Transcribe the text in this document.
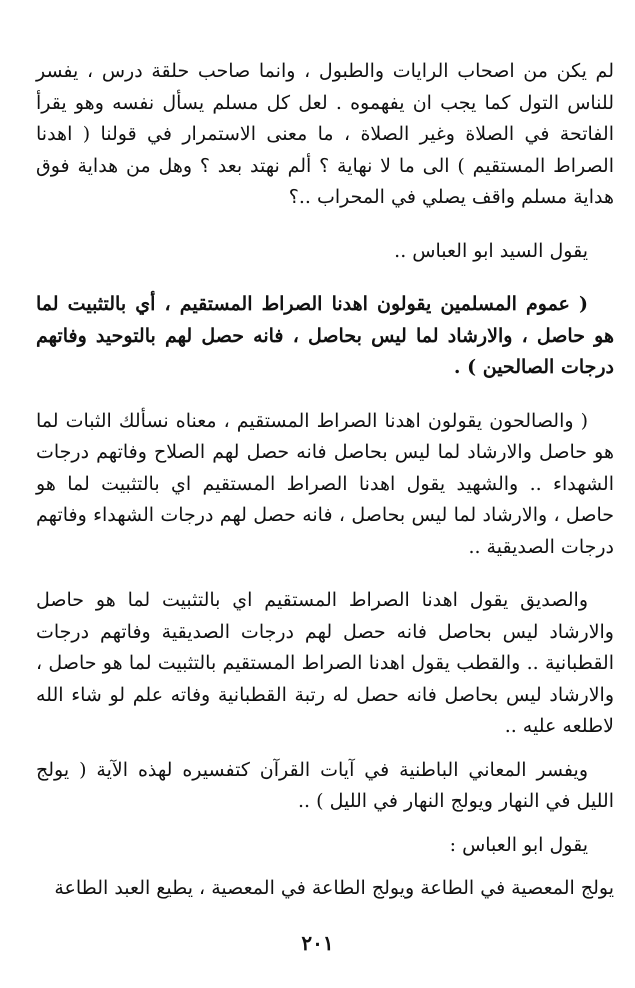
لم يكن من اصحاب الرايات والطبول ، وانما صاحب حلقة درس ، يفسر للناس التول كما يجب ان يفهموه . لعل كل مسلم يسأل نفسه وهو يقرأ الفاتحة في الصلاة وغير الصلاة ، ما معنى الاستمرار في قولنا ( اهدنا الصراط المستقيم ) الى ما لا نهاية ؟ ألم نهتد بعد ؟ وهل من هداية فوق هداية مسلم واقف يصلي في المحراب ..؟

يقول السيد ابو العباس ..

( عموم المسلمين يقولون اهدنا الصراط المستقيم ، أي بالتثبيت لما هو حاصل ، والارشاد لما ليس بحاصل ، فانه حصل لهم بالتوحيد وفاتهم درجات الصالحين ) .

( والصالحون يقولون اهدنا الصراط المستقيم ، معناه نسألك الثبات لما هو حاصل والارشاد لما ليس بحاصل فانه حصل لهم الصلاح وفاتهم درجات الشهداء .. والشهيد يقول اهدنا الصراط المستقيم اي بالتثبيت لما هو حاصل ، والارشاد لما ليس بحاصل ، فانه حصل لهم درجات الشهداء وفاتهم درجات الصديقية ..

والصديق يقول اهدنا الصراط المستقيم اي بالتثبيت لما هو حاصل والارشاد ليس بحاصل فانه حصل لهم درجات الصديقية وفاتهم درجات القطبانية .. والقطب يقول اهدنا الصراط المستقيم بالتثبيت لما هو حاصل ، والارشاد ليس بحاصل فانه حصل له رتبة القطبانية وفاته علم لو شاء الله لاطلعه عليه ..

ويفسر المعاني الباطنية في آيات القرآن كتفسيره لهذه الآية ( يولج الليل في النهار ويولج النهار في الليل ) ..

يقول ابو العباس :

يولج المعصية في الطاعة ويولج الطاعة في المعصية ، يطيع العبد الطاعة

٢٠١
